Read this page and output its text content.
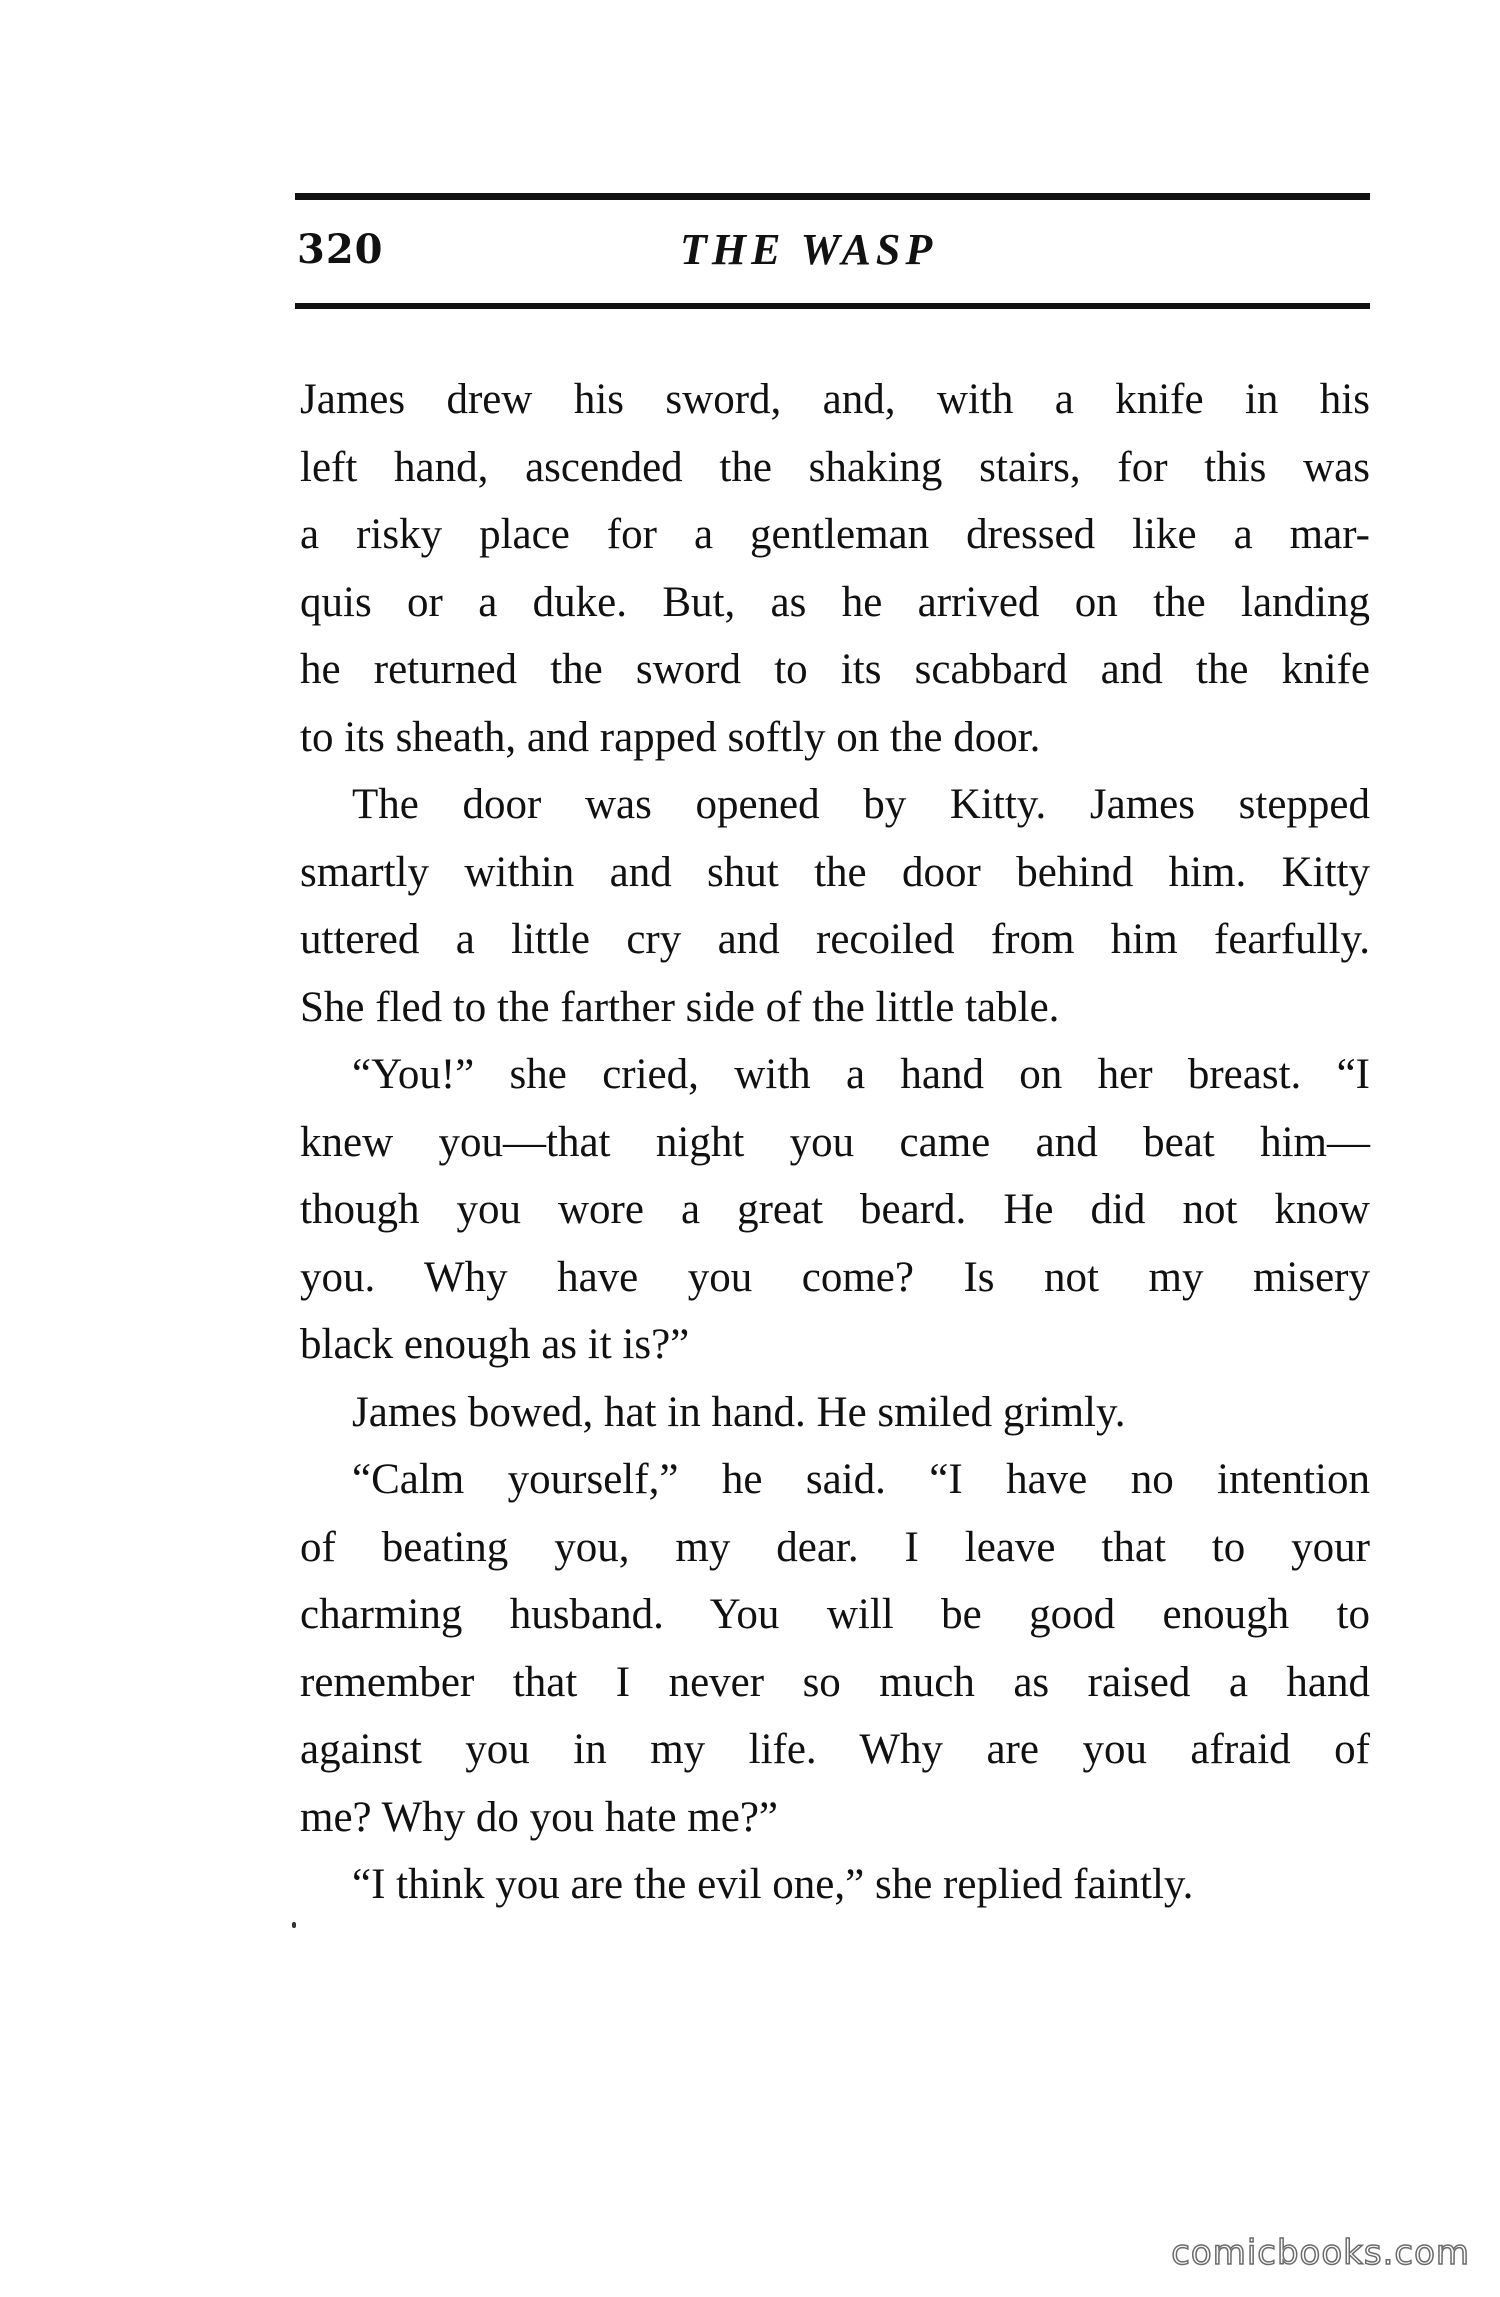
320	THE WASP
James drew his sword, and, with a knife in his
left hand, ascended the shaking stairs, for this was
a risky place for a gentleman dressed like a mar-
quis or a duke. But, as he arrived on the landing
he returned the sword to its scabbard and the knife
to its sheath, and rapped softly on the door.
The door was opened by Kitty. James stepped
smartly within and shut the door behind him. Kitty
uttered a little cry and recoiled from him fearfully.
She fled to the farther side of the little table.
“You!” she cried, with a hand on her breast. “I
knew you—that night you came and beat him—
though you wore a great beard. He did not know
you. Why have you come? Is not my misery
black enough as it is?”
James bowed, hat in hand. He smiled grimly.
“Calm yourself,” he said. “I have no intention
of beating you, my dear. I leave that to your
charming husband. You will be good enough to
remember that I never so much as raised a hand
against you in my life. Why are you afraid of
me? Why do you hate me?”
“I think you are the evil one,” she replied faintly.
comicbooks.com
